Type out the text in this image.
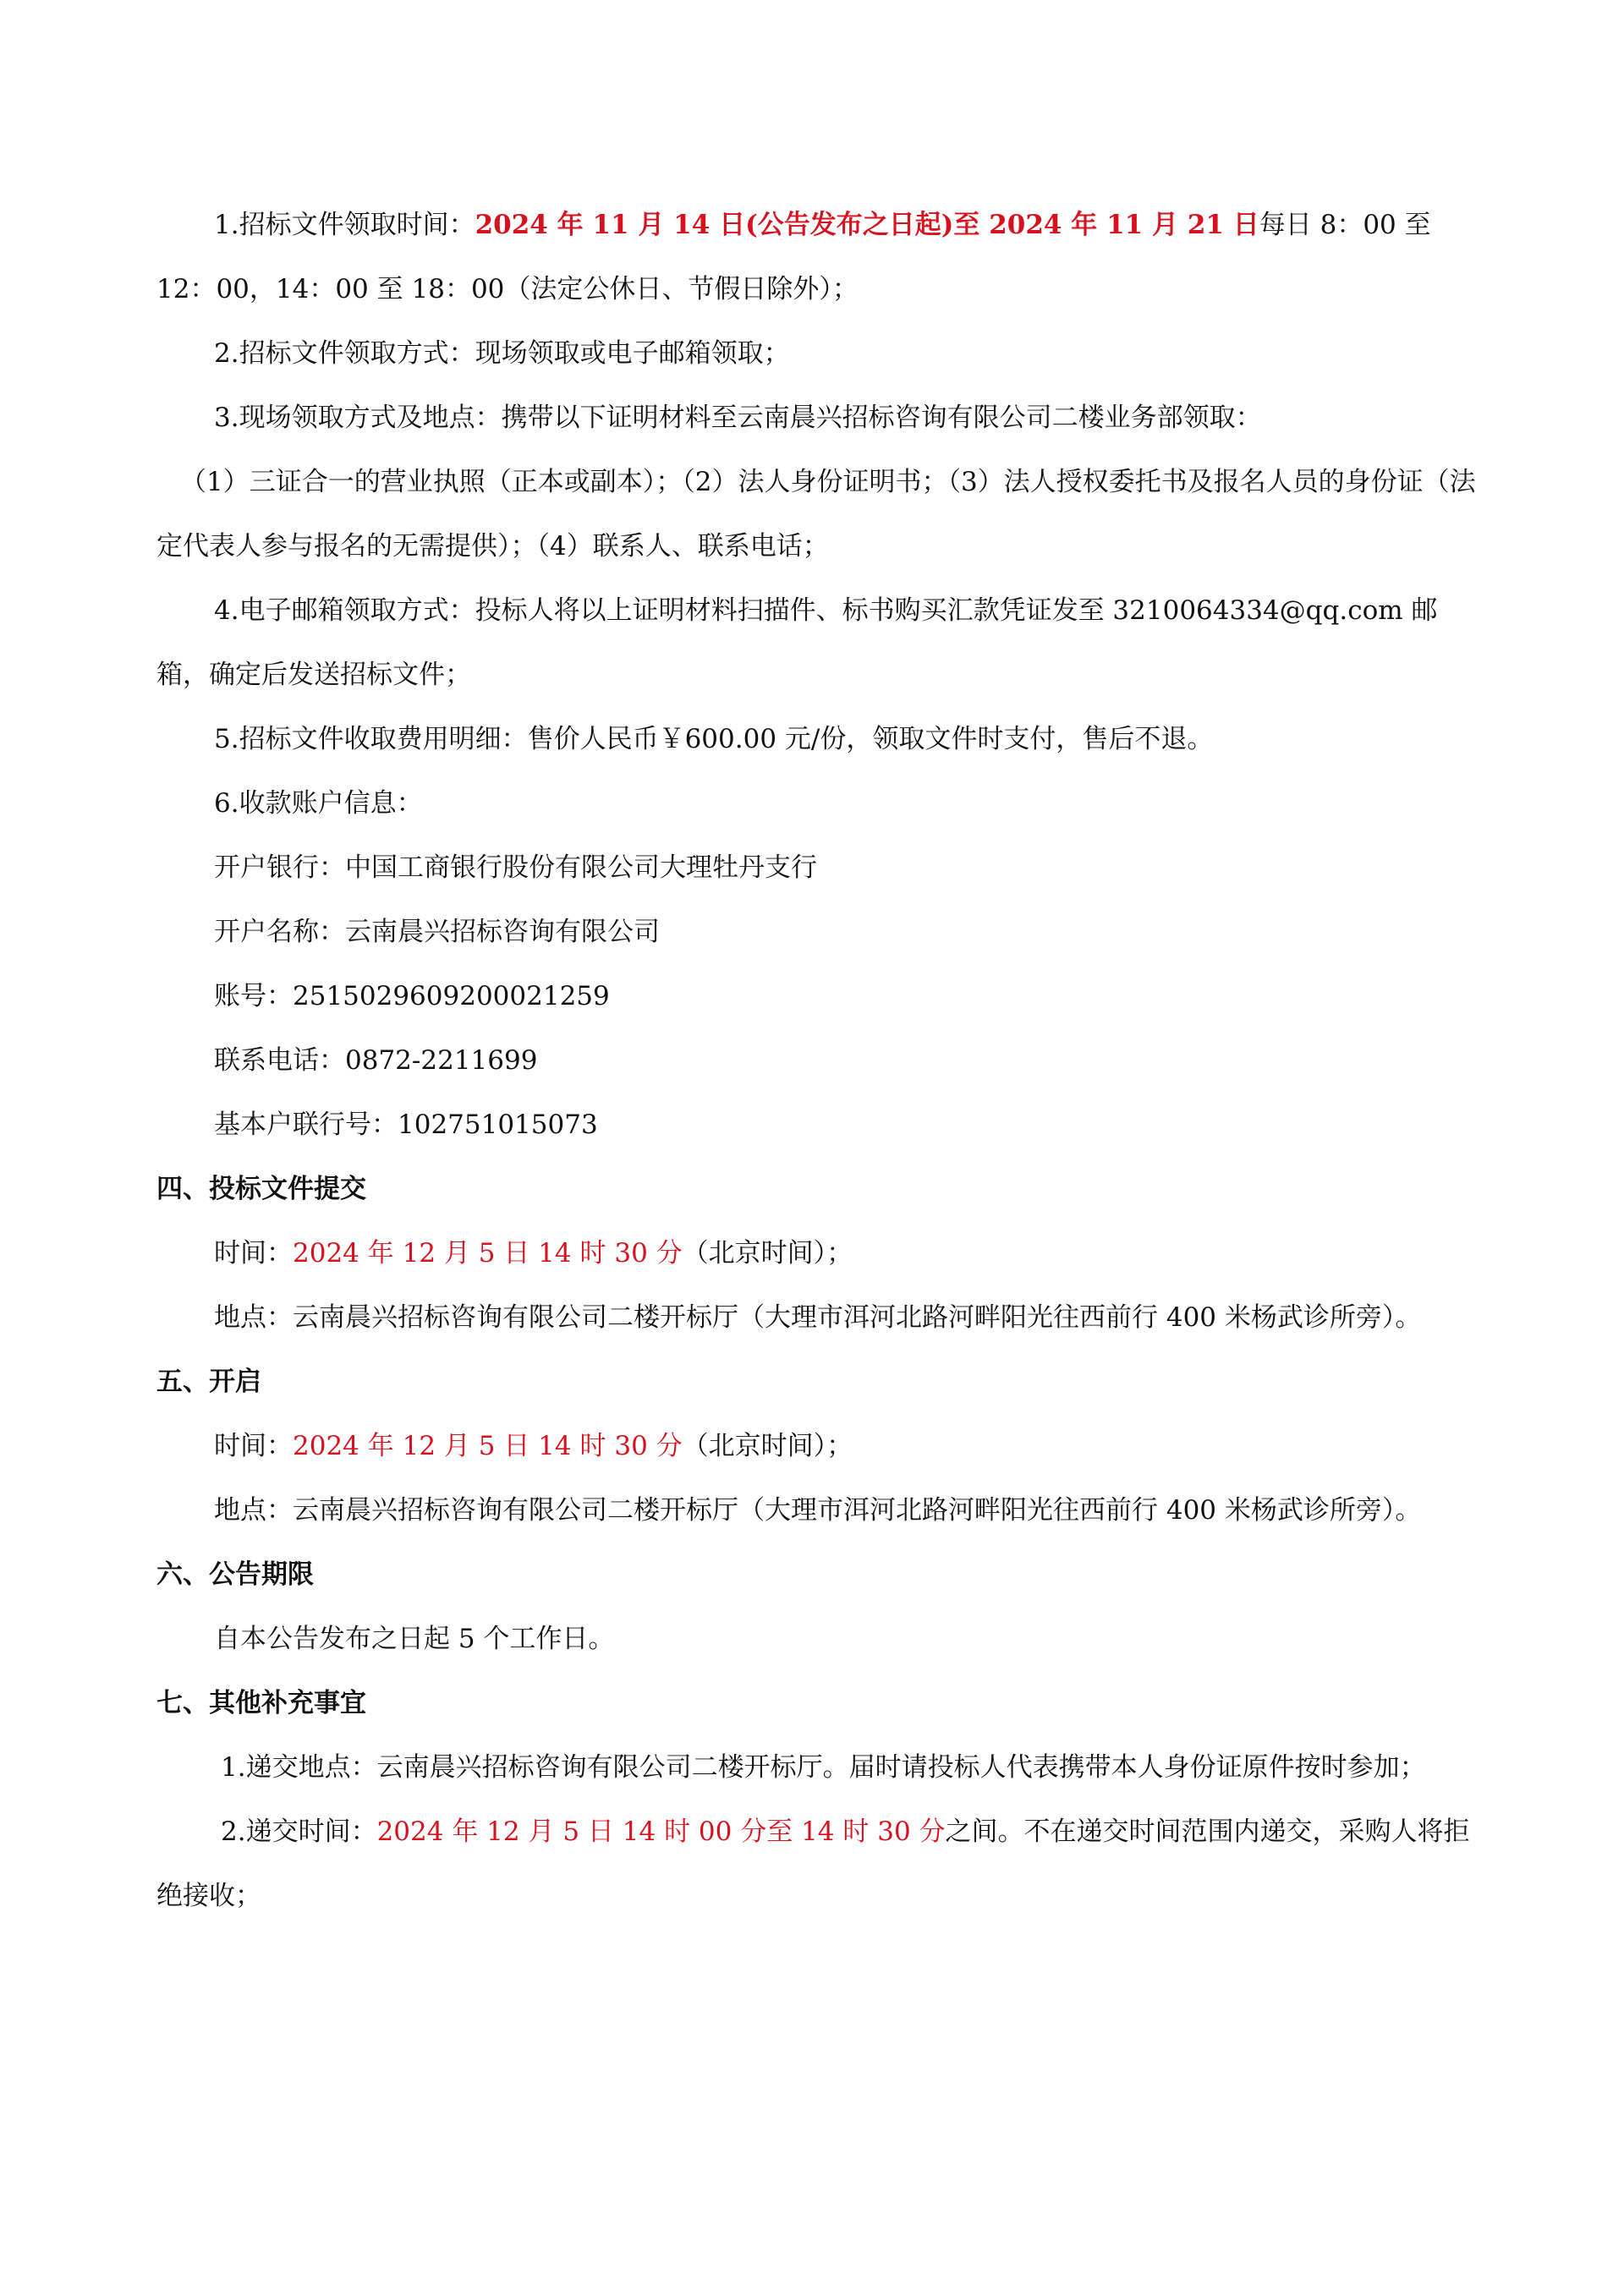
1.招标文件领取时间：2024 年 11 月 14 日(公告发布之日起)至 2024 年 11 月 21 日每日 8：00 至 12：00，14：00 至 18：00（法定公休日、节假日除外）；

2.招标文件领取方式：现场领取或电子邮箱领取；

3.现场领取方式及地点：携带以下证明材料至云南晨兴招标咨询有限公司二楼业务部领取：

（1）三证合一的营业执照（正本或副本）；（2）法人身份证明书；（3）法人授权委托书及报名人员的身份证（法定代表人参与报名的无需提供）；（4）联系人、联系电话；

4.电子邮箱领取方式：投标人将以上证明材料扫描件、标书购买汇款凭证发至 3210064334@qq.com 邮箱，确定后发送招标文件；

5.招标文件收取费用明细：售价人民币￥600.00 元/份，领取文件时支付，售后不退。

6.收款账户信息：

开户银行：中国工商银行股份有限公司大理牡丹支行

开户名称：云南晨兴招标咨询有限公司

账号：2515029609200021259

联系电话：0872-2211699

基本户联行号：102751015073

四、投标文件提交

时间：2024 年 12 月 5 日 14 时 30 分（北京时间）；

地点：云南晨兴招标咨询有限公司二楼开标厅（大理市洱河北路河畔阳光往西前行 400 米杨武诊所旁）。

五、开启

时间：2024 年 12 月 5 日 14 时 30 分（北京时间）；

地点：云南晨兴招标咨询有限公司二楼开标厅（大理市洱河北路河畔阳光往西前行 400 米杨武诊所旁）。

六、公告期限

自本公告发布之日起 5 个工作日。

七、其他补充事宜

1.递交地点：云南晨兴招标咨询有限公司二楼开标厅。届时请投标人代表携带本人身份证原件按时参加；

2.递交时间：2024 年 12 月 5 日 14 时 00 分至 14 时 30 分之间。不在递交时间范围内递交，采购人将拒绝接收；
